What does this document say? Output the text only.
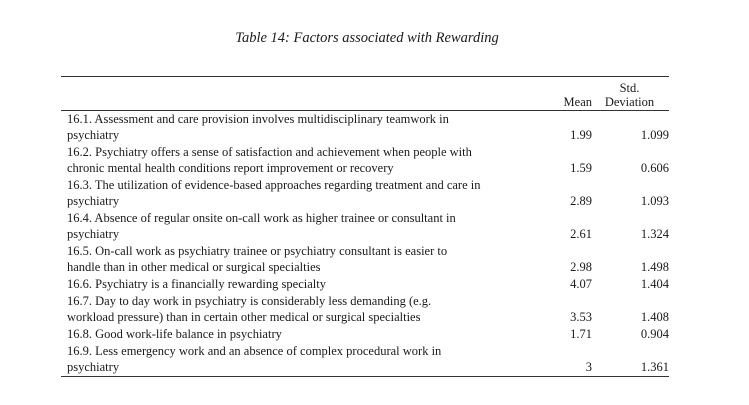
Table 14: Factors associated with Rewarding
Mean
Std.
Deviation
16.1. Assessment and care provision involves multidisciplinary teamwork in
psychiatry	1.99	1.099
16.2. Psychiatry offers a sense of satisfaction and achievement when people with
chronic mental health conditions report improvement or recovery	1.59	0.606
16.3. The utilization of evidence-based approaches regarding treatment and care in
psychiatry	2.89	1.093
16.4. Absence of regular onsite on-call work as higher trainee or consultant in
psychiatry	2.61	1.324
16.5. On-call work as psychiatry trainee or psychiatry consultant is easier to
handle than in other medical or surgical specialties	2.98	1.498
16.6. Psychiatry is a financially rewarding specialty	4.07	1.404
16.7. Day to day work in psychiatry is considerably less demanding (e.g.
workload pressure) than in certain other medical or surgical specialties	3.53	1.408
16.8. Good work-life balance in psychiatry	1.71	0.904
16.9. Less emergency work and an absence of complex procedural work in
psychiatry	3	1.361
